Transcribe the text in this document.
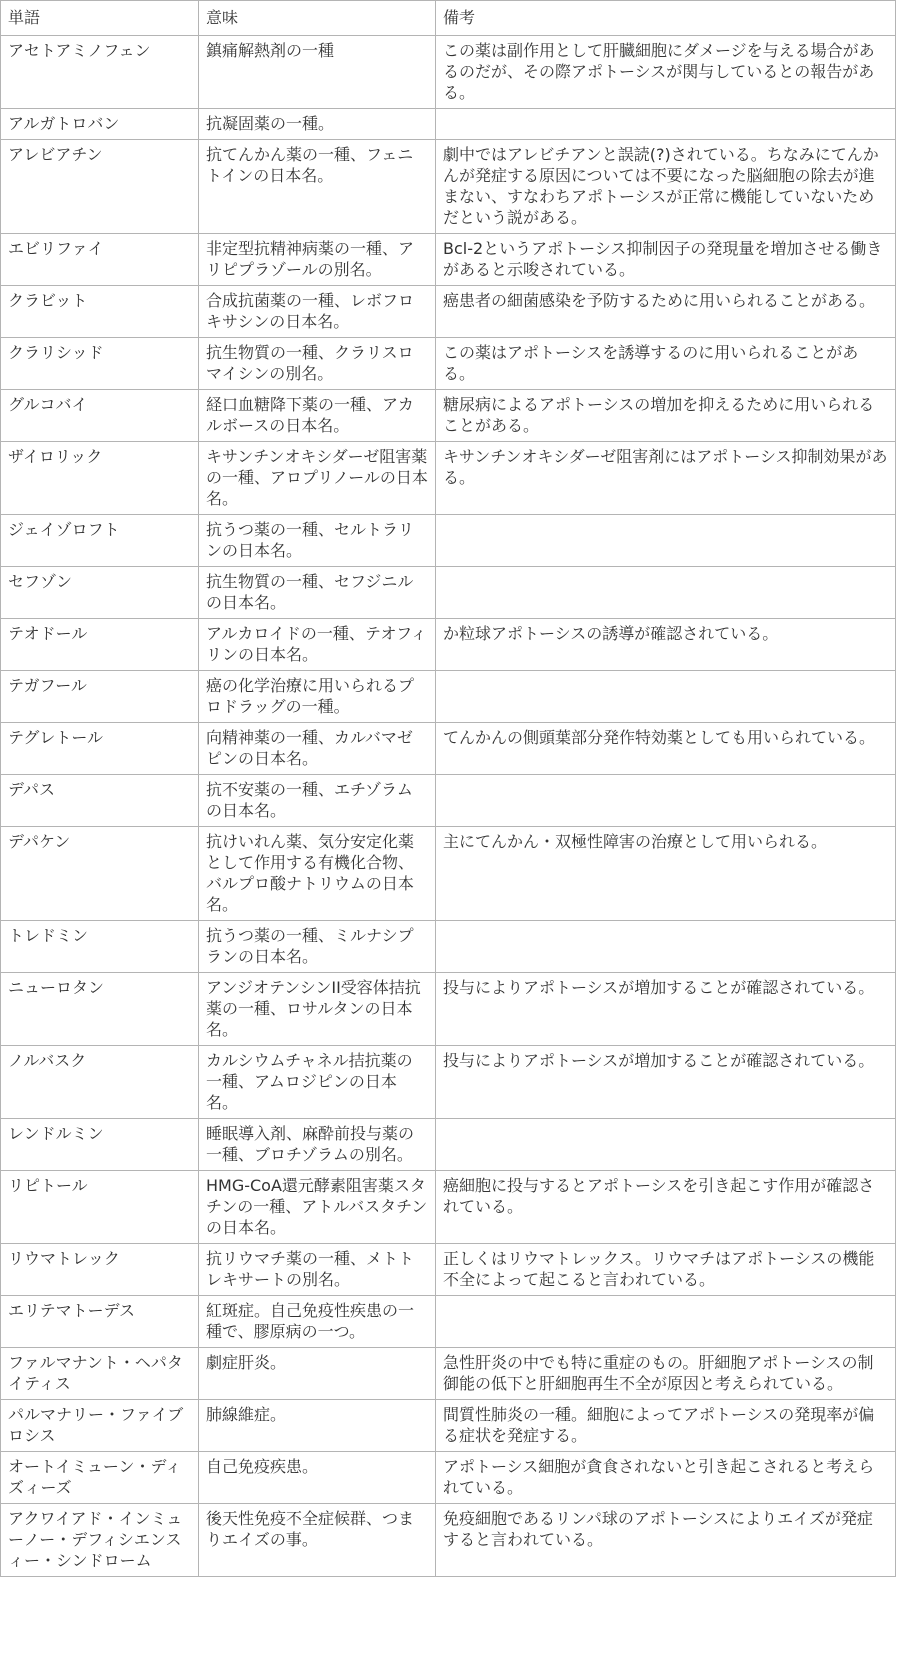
単語	意味	備考
アセトアミノフェン	鎮痛解熱剤の一種	この薬は副作用として肝臓細胞にダメージを与える場合があるのだが、その際アポトーシスが関与しているとの報告がある。
アルガトロバン	抗凝固薬の一種。	
アレビアチン	抗てんかん薬の一種、フェニトインの日本名。	劇中ではアレビチアンと誤読(?)されている。ちなみにてんかんが発症する原因については不要になった脳細胞の除去が進まない、すなわちアポトーシスが正常に機能していないためだという説がある。
エビリファイ	非定型抗精神病薬の一種、アリピプラゾールの別名。	Bcl-2というアポトーシス抑制因子の発現量を増加させる働きがあると示唆されている。
クラビット	合成抗菌薬の一種、レボフロキサシンの日本名。	癌患者の細菌感染を予防するために用いられることがある。
クラリシッド	抗生物質の一種、クラリスロマイシンの別名。	この薬はアポトーシスを誘導するのに用いられることがある。
グルコバイ	経口血糖降下薬の一種、アカルボースの日本名。	糖尿病によるアポトーシスの増加を抑えるために用いられることがある。
ザイロリック	キサンチンオキシダーゼ阻害薬の一種、アロプリノールの日本名。	キサンチンオキシダーゼ阻害剤にはアポトーシス抑制効果がある。
ジェイゾロフト	抗うつ薬の一種、セルトラリンの日本名。	
セフゾン	抗生物質の一種、セフジニルの日本名。	
テオドール	アルカロイドの一種、テオフィリンの日本名。	か粒球アポトーシスの誘導が確認されている。
テガフール	癌の化学治療に用いられるプロドラッグの一種。	
テグレトール	向精神薬の一種、カルバマゼピンの日本名。	てんかんの側頭葉部分発作特効薬としても用いられている。
デパス	抗不安薬の一種、エチゾラムの日本名。	
デパケン	抗けいれん薬、気分安定化薬として作用する有機化合物、バルプロ酸ナトリウムの日本名。	主にてんかん・双極性障害の治療として用いられる。
トレドミン	抗うつ薬の一種、ミルナシプランの日本名。	
ニューロタン	アンジオテンシンII受容体拮抗薬の一種、ロサルタンの日本名。	投与によりアポトーシスが増加することが確認されている。
ノルバスク	カルシウムチャネル拮抗薬の一種、アムロジピンの日本名。	投与によりアポトーシスが増加することが確認されている。
レンドルミン	睡眠導入剤、麻酔前投与薬の一種、ブロチゾラムの別名。	
リピトール	HMG-CoA還元酵素阻害薬スタチンの一種、アトルバスタチンの日本名。	癌細胞に投与するとアポトーシスを引き起こす作用が確認されている。
リウマトレック	抗リウマチ薬の一種、メトトレキサートの別名。	正しくはリウマトレックス。リウマチはアポトーシスの機能不全によって起こると言われている。
エリテマトーデス	紅斑症。自己免疫性疾患の一種で、膠原病の一つ。	
ファルマナント・ヘパタイティス	劇症肝炎。	急性肝炎の中でも特に重症のもの。肝細胞アポトーシスの制御能の低下と肝細胞再生不全が原因と考えられている。
パルマナリー・ファイブロシス	肺線維症。	間質性肺炎の一種。細胞によってアポトーシスの発現率が偏る症状を発症する。
オートイミューン・ディズィーズ	自己免疫疾患。	アポトーシス細胞が貪食されないと引き起こされると考えられている。
アクワイアド・インミューノー・デフィシエンスィー・シンドローム	後天性免疫不全症候群、つまりエイズの事。	免疫細胞であるリンパ球のアポトーシスによりエイズが発症すると言われている。
